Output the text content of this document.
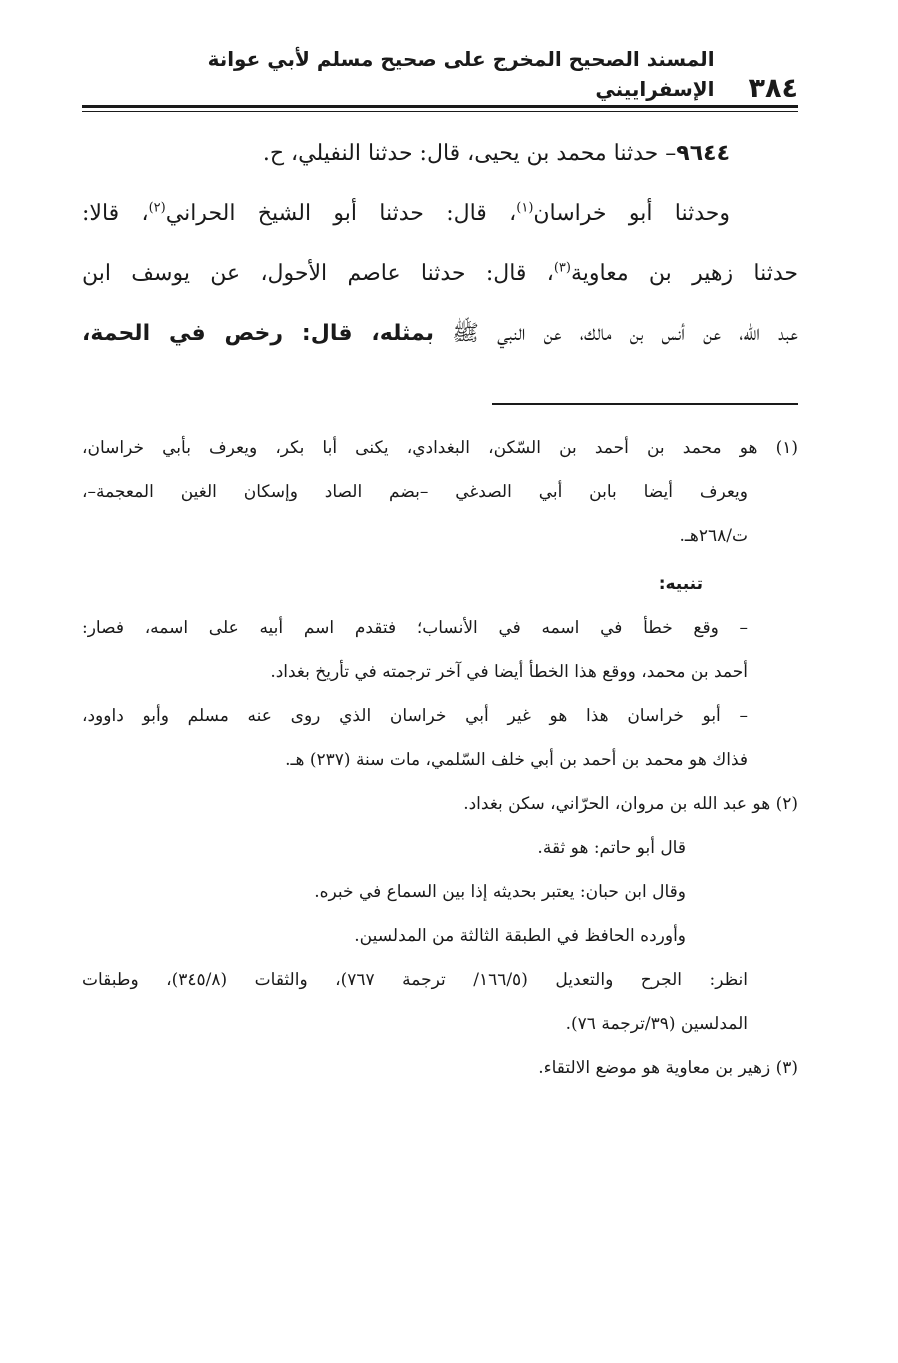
٣٨٤
المسند الصحيح المخرج على صحيح مسلم لأبي عوانة الإسفراييني

٩٦٤٤– حدثنا محمد بن يحيى، قال: حدثنا النفيلي، ح.

وحدثنا أبو خراسان$^{(١)}$، قال: حدثنا أبو الشيخ الحراني$^{(٢)}$، قالا:

حدثنا زهير بن معاوية$^{(٣)}$، قال: حدثنا عاصم الأحول، عن يوسف ابن

عبد الله، عن أنس بن مالك، عن النبي ﷺ بمثله، قال: رخص في الحمة،

(١) هو محمد بن أحمد بن السّكن، البغدادي، يكنى أبا بكر، ويعرف بأبي خراسان،

ويعرف أيضا بابن أبي الصدغي –بضم الصاد وإسكان الغين المعجمة–،

ت/٢٦٨هـ.

تنبيه:

– وقع خطأ في اسمه في الأنساب؛ فتقدم اسم أبيه على اسمه، فصار:

أحمد بن محمد، ووقع هذا الخطأ أيضا في آخر ترجمته في تأريخ بغداد.

– أبو خراسان هذا هو غير أبي خراسان الذي روى عنه مسلم وأبو داوود،

فذاك هو محمد بن أحمد بن أبي خلف السّلمي، مات سنة (٢٣٧) هـ.

(٢) هو عبد الله بن مروان، الحرّاني، سكن بغداد.

قال أبو حاتم: هو ثقة.

وقال ابن حبان: يعتبر بحديثه إذا بين السماع في خبره.

وأورده الحافظ في الطبقة الثالثة من المدلسين.

انظر: الجرح والتعديل (١٦٦/٥/ ترجمة ٧٦٧)، والثقات (٣٤٥/٨)، وطبقات

المدلسين (٣٩/ترجمة ٧٦).

(٣) زهير بن معاوية هو موضع الالتقاء.
